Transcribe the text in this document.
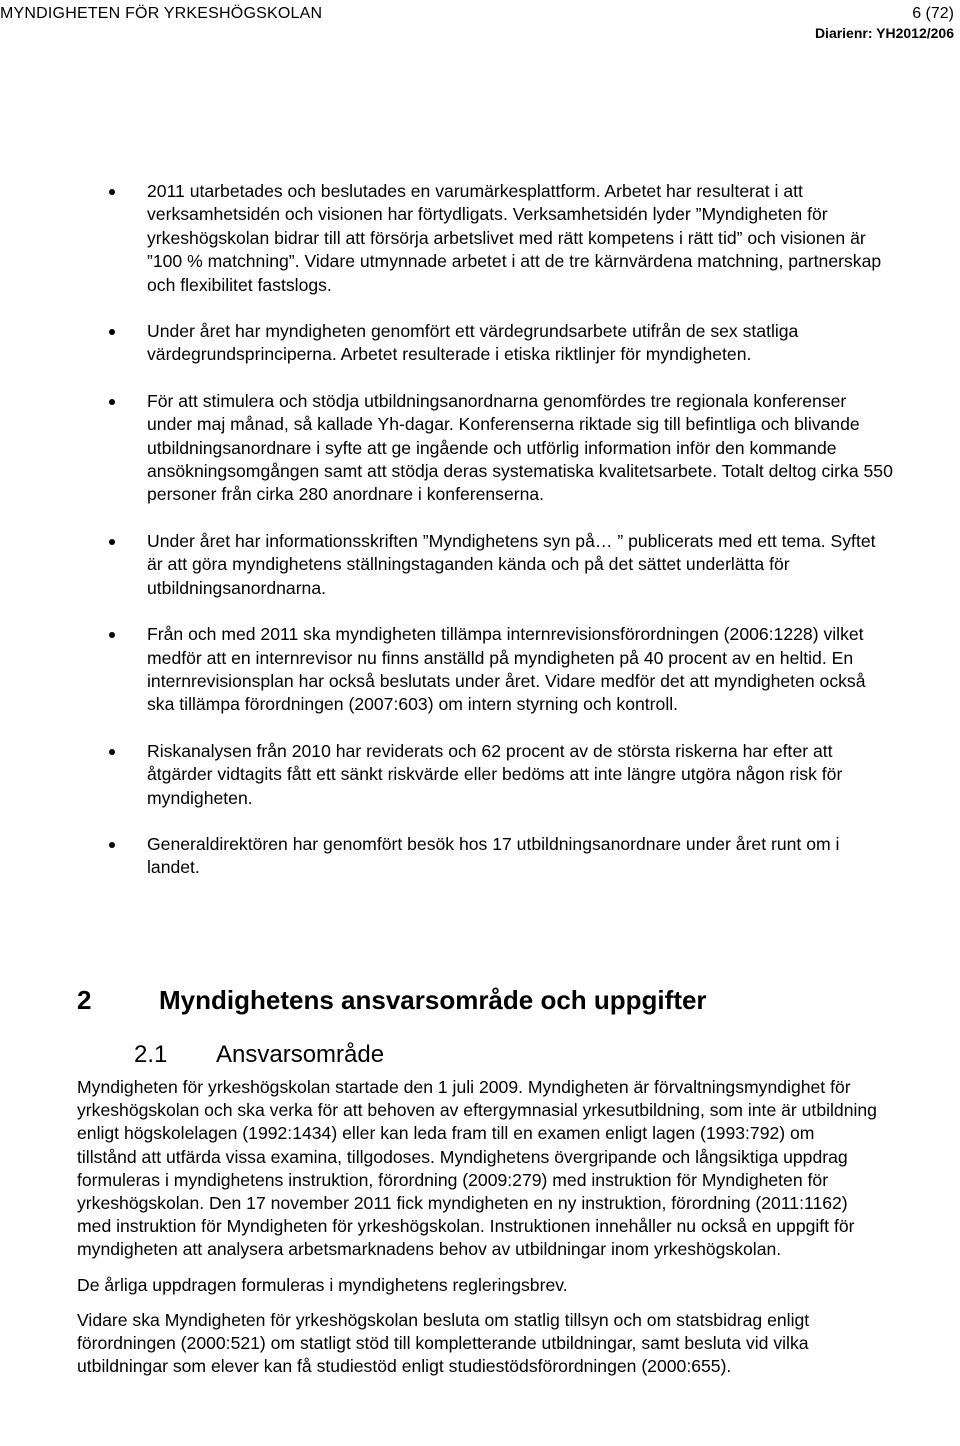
MYNDIGHETEN FÖR YRKESHÖGSKOLAN	6 (72)
Diarienr: YH2012/206
2011 utarbetades och beslutades en varumärkesplattform. Arbetet har resulterat i att verksamhetsidén och visionen har förtydligats. Verksamhetsidén lyder ”Myndigheten för yrkeshögskolan bidrar till att försörja arbetslivet med rätt kompetens i rätt tid” och visionen är ”100 % matchning”. Vidare utmynnade arbetet i att de tre kärnvärdena matchning, partnerskap och flexibilitet fastslogs.
Under året har myndigheten genomfört ett värdegrundsarbete utifrån de sex statliga värdegrundsprinciperna. Arbetet resulterade i etiska riktlinjer för myndigheten.
För att stimulera och stödja utbildningsanordnarna genomfördes tre regionala konferenser under maj månad, så kallade Yh-dagar. Konferenserna riktade sig till befintliga och blivande utbildningsanordnare i syfte att ge ingående och utförlig information inför den kommande ansökningsomgången samt att stödja deras systematiska kvalitetsarbete. Totalt deltog cirka 550 personer från cirka 280 anordnare i konferenserna.
Under året har informationsskriften ”Myndighetens syn på… ” publicerats med ett tema. Syftet är att göra myndighetens ställningstaganden kända och på det sättet underlätta för utbildningsanordnarna.
Från och med 2011 ska myndigheten tillämpa internrevisionsförordningen (2006:1228) vilket medför att en internrevisor nu finns anställd på myndigheten på 40 procent av en heltid. En internrevisionsplan har också beslutats under året. Vidare medför det att myndigheten också ska tillämpa förordningen (2007:603) om intern styrning och kontroll.
Riskanalysen från 2010 har reviderats och 62 procent av de största riskerna har efter att åtgärder vidtagits fått ett sänkt riskvärde eller bedöms att inte längre utgöra någon risk för myndigheten.
Generaldirektören har genomfört besök hos 17 utbildningsanordnare under året runt om i landet.
2	Myndighetens ansvarsområde och uppgifter
2.1 Ansvarsområde

Myndigheten för yrkeshögskolan startade den 1 juli 2009. Myndigheten är förvaltningsmyndighet för yrkeshögskolan och ska verka för att behoven av eftergymnasial yrkesutbildning, som inte är utbildning enligt högskolelagen (1992:1434) eller kan leda fram till en examen enligt lagen (1993:792) om tillstånd att utfärda vissa examina, tillgodoses. Myndighetens övergripande och långsiktiga uppdrag formuleras i myndighetens instruktion, förordning (2009:279) med instruktion för Myndigheten för yrkeshögskolan. Den 17 november 2011 fick myndigheten en ny instruktion, förordning (2011:1162) med instruktion för Myndigheten för yrkeshögskolan. Instruktionen innehåller nu också en uppgift för myndigheten att analysera arbetsmarknadens behov av utbildningar inom yrkeshögskolan.

De årliga uppdragen formuleras i myndighetens regleringsbrev.

Vidare ska Myndigheten för yrkeshögskolan besluta om statlig tillsyn och om statsbidrag enligt förordningen (2000:521) om statligt stöd till kompletterande utbildningar, samt besluta vid vilka utbildningar som elever kan få studiestöd enligt studiestödsförordningen (2000:655).
